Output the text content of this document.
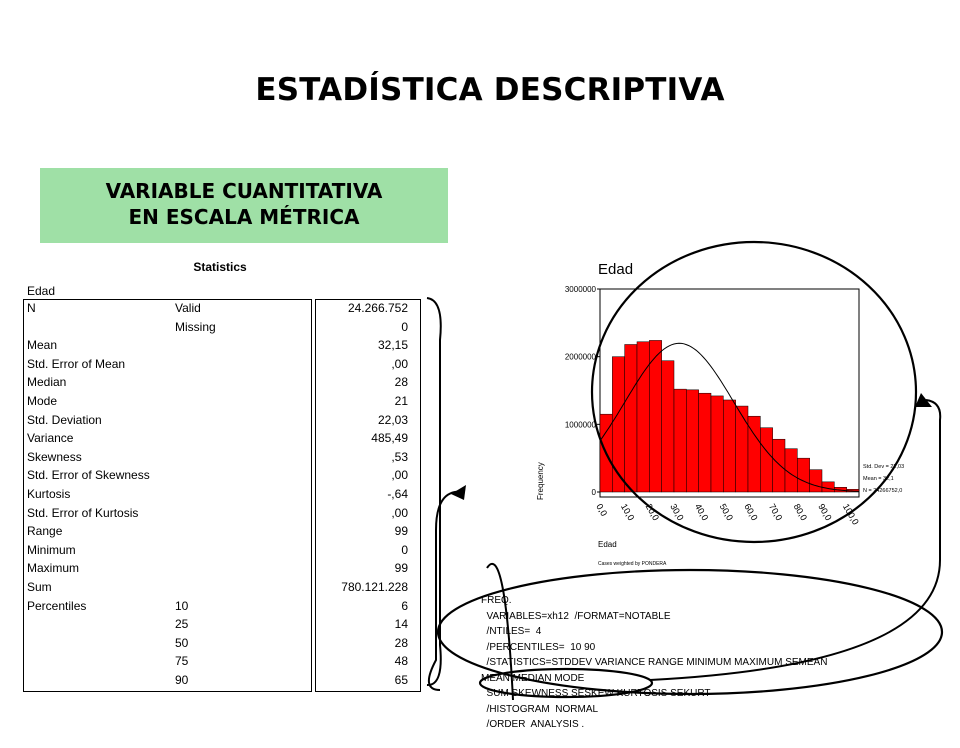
ESTADÍSTICA DESCRIPTIVA
VARIABLE CUANTITATIVA
EN ESCALA MÉTRICA
Statistics
Edad
N	Valid	24.266.752
Missing	0
Mean	32,15
Std. Error of Mean	,00
Median	28
Mode	21
Std. Deviation	22,03
Variance	485,49
Skewness	,53
Std. Error of Skewness	,00
Kurtosis	-,64
Std. Error of Kurtosis	,00
Range	99
Minimum	0
Maximum	99
Sum	780.121.228
Percentiles	10	6
25	14
50	28
75	48
90	65

FREQ.
VARIABLES=xh12  /FORMAT=NOTABLE
/NTILES=  4
/PERCENTILES=  10 90
/STATISTICS=STDDEV VARIANCE RANGE MINIMUM MAXIMUM SEMEAN
MEAN MEDIAN MODE
SUM SKEWNESS SESKEW KURTOSIS SEKURT
/HISTOGRAM  NORMAL
/ORDER  ANALYSIS .

Edad
0
1000000
2000000
3000000
0,0 10,0 20,0 30,0 40,0 50,0 60,0 70,0 80,0 90,0 100,0
Frequency
Edad
Cases weighted by PONDERA
Std. Dev = 22,03
Mean = 32,1
N = 24266752,0
